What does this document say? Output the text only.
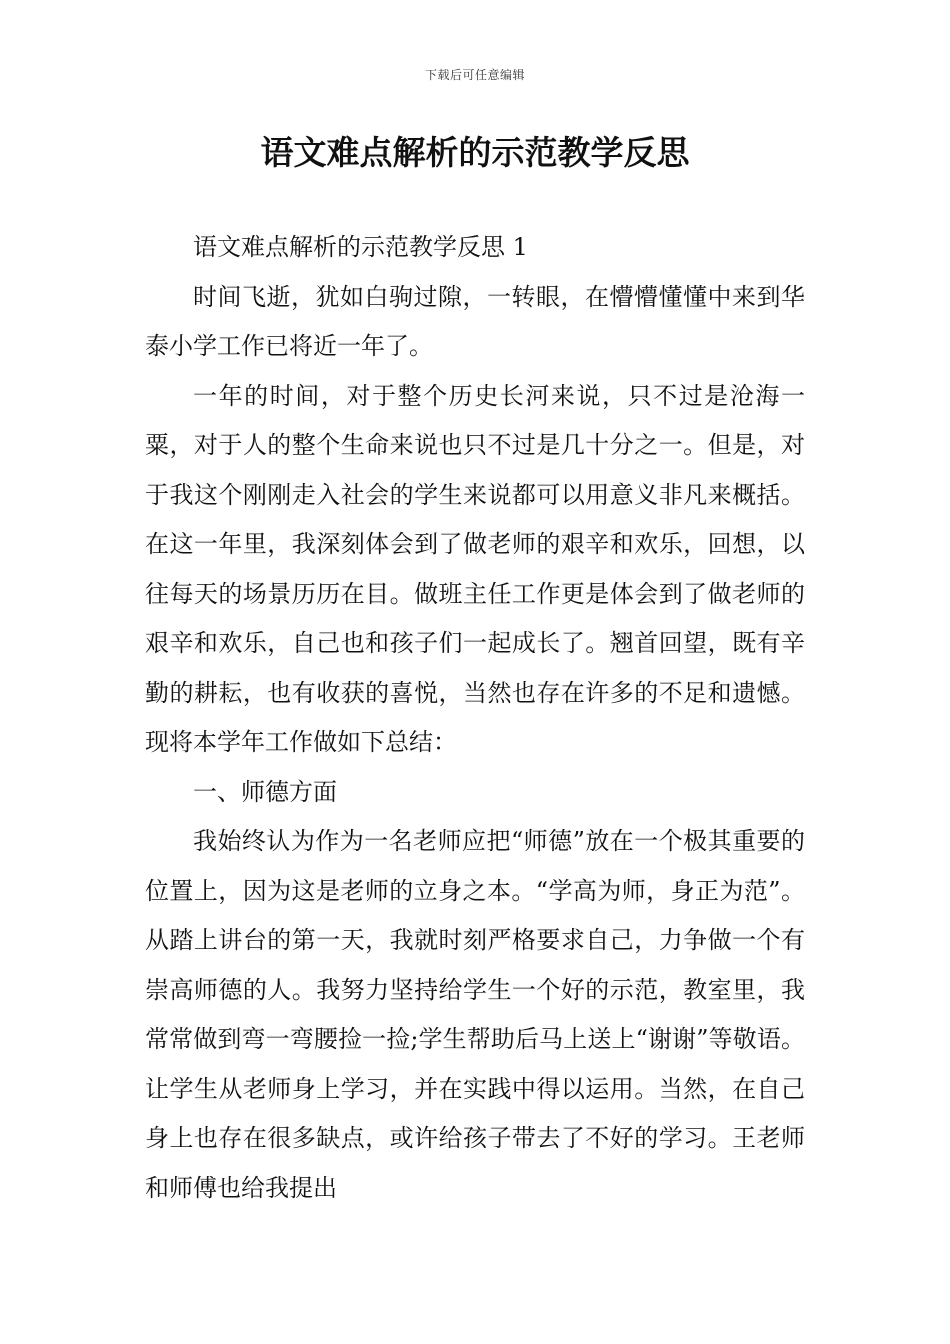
下载后可任意编辑
语文难点解析的示范教学反思

语文难点解析的示范教学反思 1

时间飞逝，犹如白驹过隙，一转眼，在懵懵懂懂中来到华泰小学工作已将近一年了。

一年的时间，对于整个历史长河来说，只不过是沧海一粟，对于人的整个生命来说也只不过是几十分之一。但是，对于我这个刚刚走入社会的学生来说都可以用意义非凡来概括。在这一年里，我深刻体会到了做老师的艰辛和欢乐，回想，以往每天的场景历历在目。做班主任工作更是体会到了做老师的艰辛和欢乐，自己也和孩子们一起成长了。翘首回望，既有辛勤的耕耘，也有收获的喜悦，当然也存在许多的不足和遗憾。现将本学年工作做如下总结：

一、师德方面

我始终认为作为一名老师应把“师德”放在一个极其重要的位置上，因为这是老师的立身之本。“学高为师，身正为范”。从踏上讲台的第一天，我就时刻严格要求自己，力争做一个有崇高师德的人。我努力坚持给学生一个好的示范，教室里，我常常做到弯一弯腰捡一捡;学生帮助后马上送上“谢谢”等敬语。让学生从老师身上学习，并在实践中得以运用。当然，在自己身上也存在很多缺点，或许给孩子带去了不好的学习。王老师和师傅也给我提出
